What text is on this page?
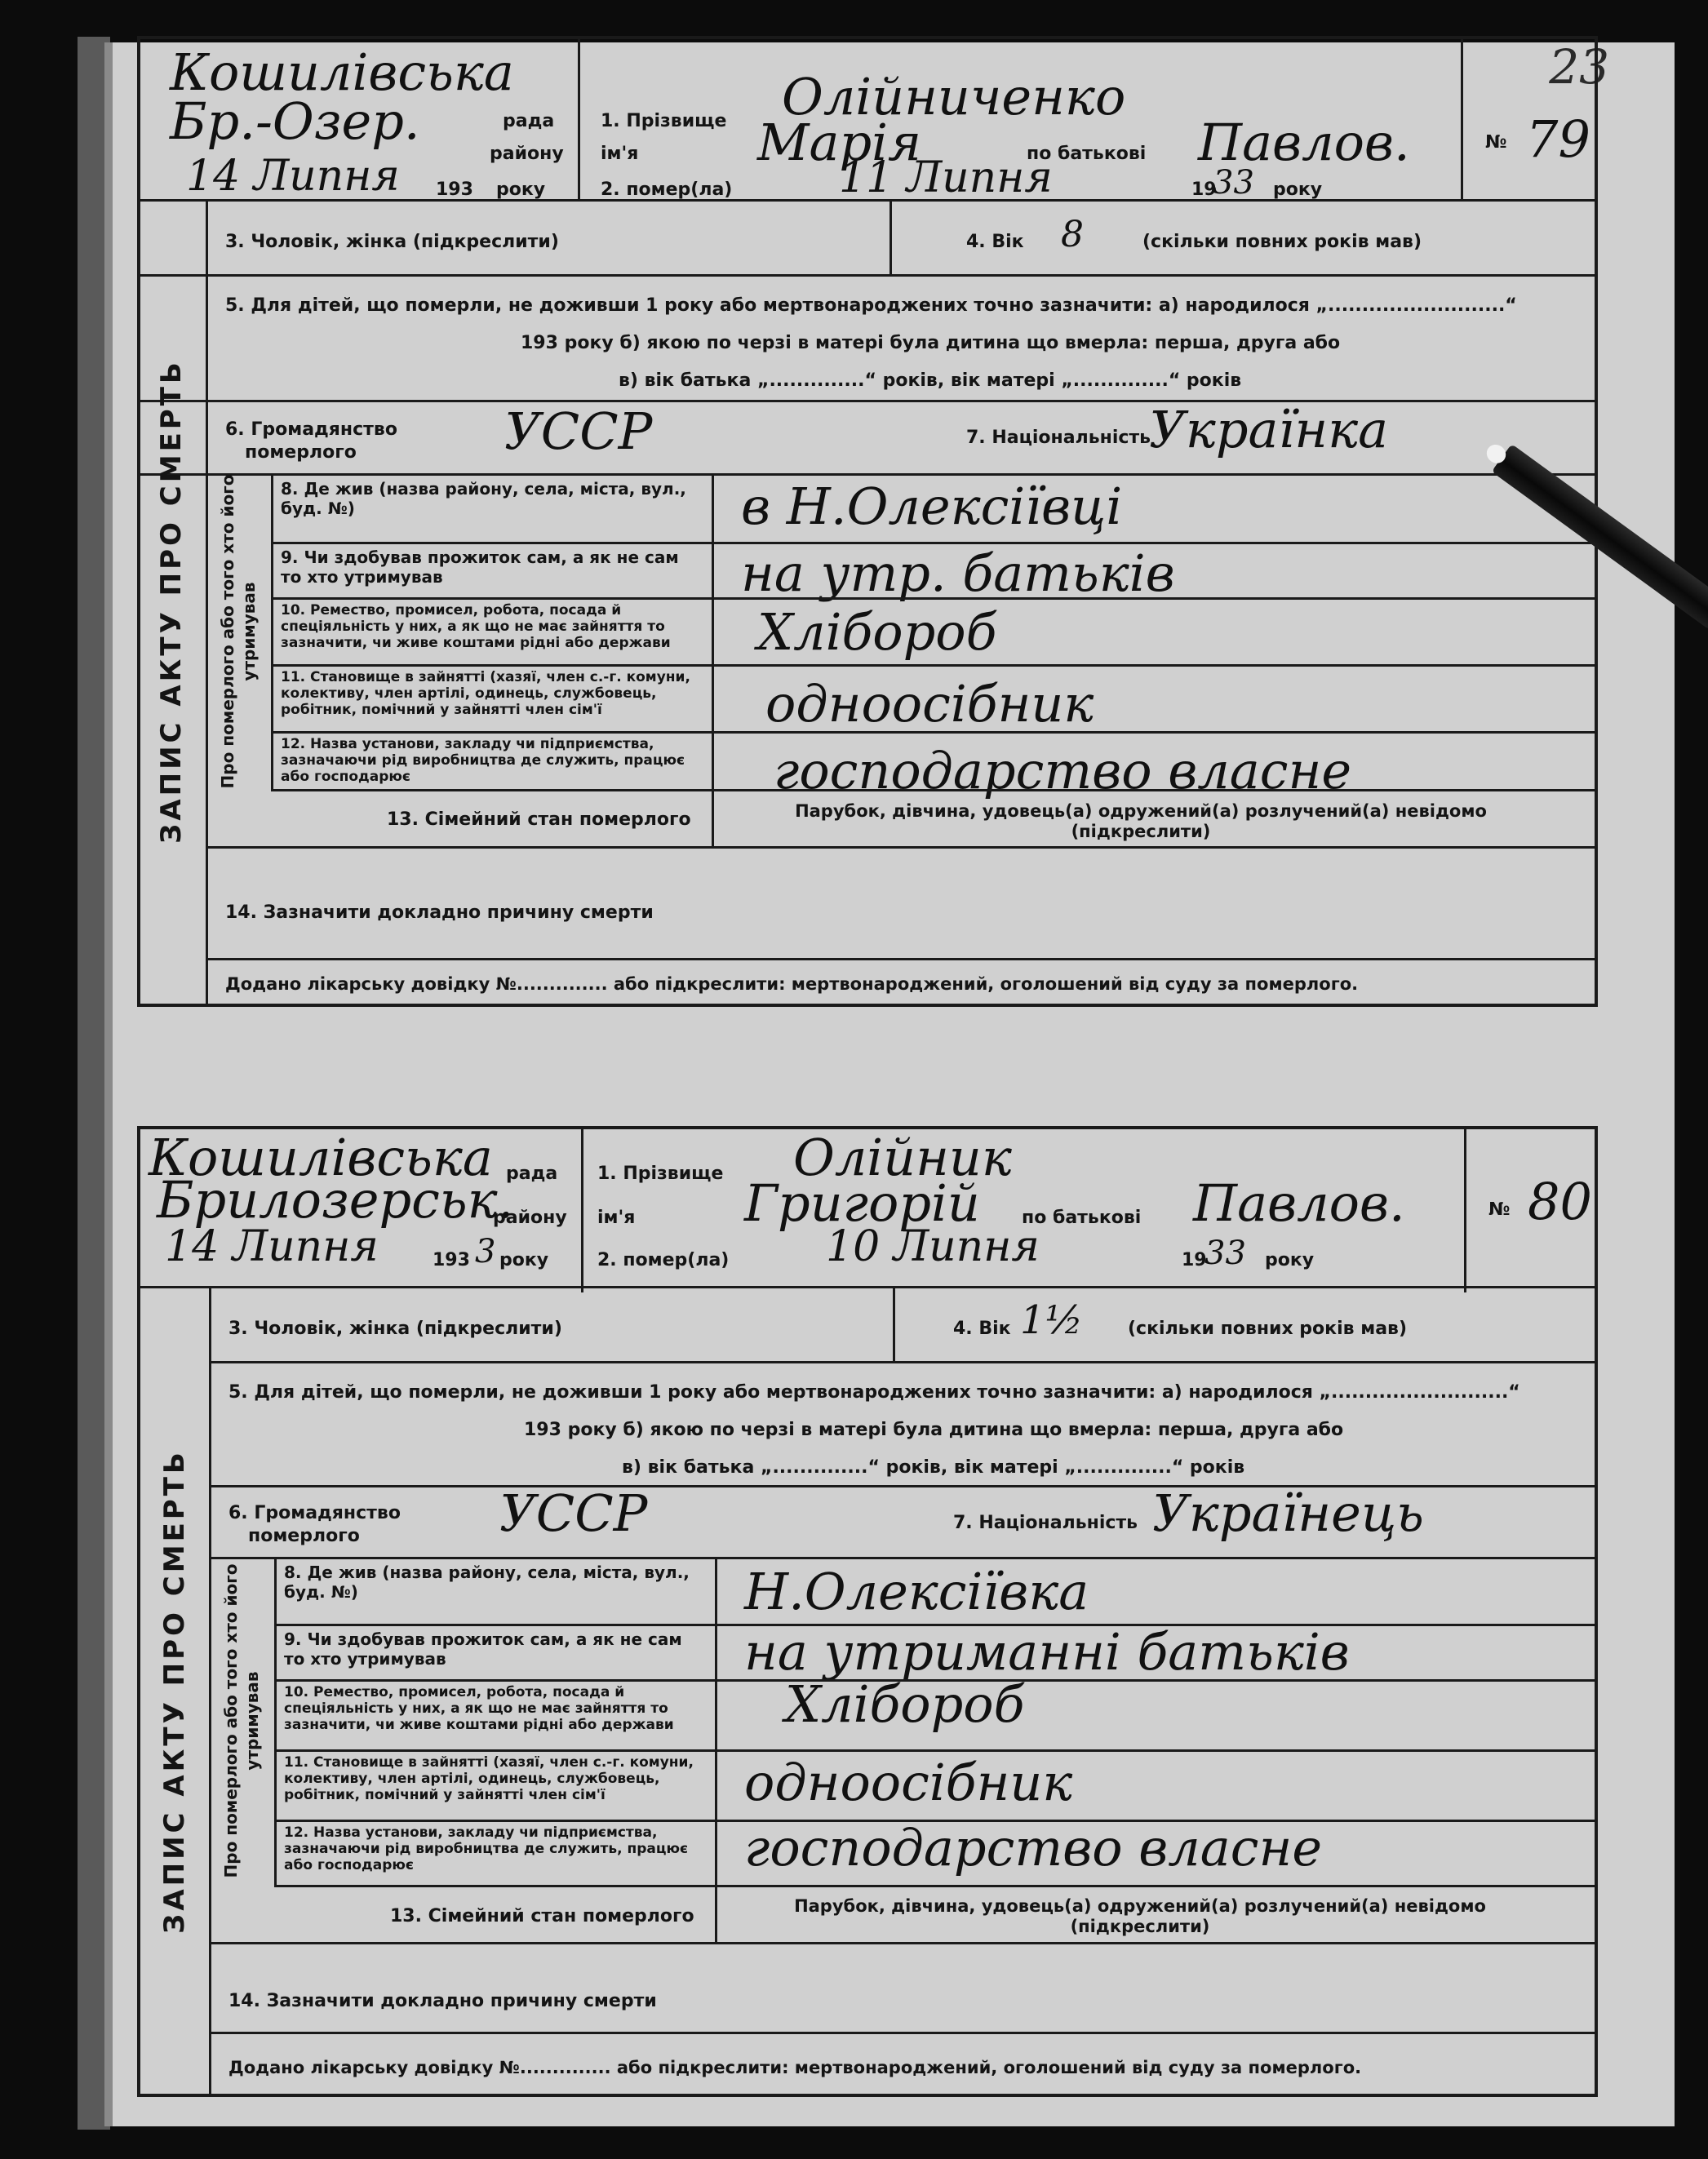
23
Кошилівська
рада
Бр.-Озер.
району
14 Липня 193 року
1. Прізвище Олійниченко
ім'я Марія	по батькові Павлов.
2. помер(ла)	11 Липня	19
33 року
№ 79
3. Чоловік, жінка (підкреслити)	4. Вік 8	(скільки повних років мав)
5. Для дітей, що померли, не доживши 1 року або мертвонароджених точно зазначити: а) народилося „..........................“
193 року б) якою по черзі в матері була дитина що вмерла: перша, друга або
в) вік батька „..............“ років, вік матері „..............“ років
6. Громадянство
померлого	УССР	7. Національність
Українка
Про померлого або того хто його утримував
8. Де жив (назва району, села, міста, вул., буд. №)	в Н.Олексіївці
9. Чи здобував прожиток сам, а як не сам то хто утримував	на утр. батьків
10. Ремество, промисел, робота, посада й спеціяльність у них, а як що не має зайняття то зазначити, чи живе коштами рідні або держави	Хлібороб
11. Становище в зайнятті (хазяї, член с.-г. комуни, колективу, член артілі, одинець, службовець, робітник, помічний у зайнятті член сім'ї	одноосібник
12. Назва установи, закладу чи підприємства, зазначаючи рід виробництва де служить, працює або господарює	господарство власне
ЗАПИС АКТУ ПРО СМЕРТЬ	13. Сімейний стан померлого	Парубок, дівчина, удовець(а) одружений(а) розлучений(а) невідомо (підкреслити)
14. Зазначити докладно причину смерти
Додано лікарську довідку №.............. або підкреслити: мертвонароджений, оголошений від суду за померлого.
Кошилівська рада
Брилозерськ.
району
14 Липня	193 3 року
1. Прізвище Олійник
ім'я Григорій по батькові Павлов.
2. помер(ла) 10 Липня	19
33 року
№ 80
ЗАПИС АКТУ ПРО СМЕРТЬ
3. Чоловік, жінка (підкреслити)	4. Вік 1½ (скільки повних років мав)
5. Для дітей, що померли, не доживши 1 року або мертвонароджених точно зазначити: а) народилося „..........................“
193 року б) якою по черзі в матері була дитина що вмерла: перша, друга або
в) вік батька „..............“ років, вік матері „..............“ років
6. Громадянство
померлого	УССР	7. Національність Українець
Про померлого або того хто його утримував
8. Де жив (назва району, села, міста, вул., буд. №)	Н.Олексіївка
9. Чи здобував прожиток сам, а як не сам то хто утримував	на утриманні батьків
10. Ремество, промисел, робота, посада й спеціяльність у них, а як що не має зайняття то зазначити, чи живе коштами рідні або держави	Хлібороб
11. Становище в зайнятті (хазяї, член с.-г. комуни, колективу, член артілі, одинець, службовець, робітник, помічний у зайнятті член сім'ї	одноосібник
12. Назва установи, закладу чи підприємства, зазначаючи рід виробництва де служить, працює або господарює	господарство власне
13. Сімейний стан померлого	Парубок, дівчина, удовець(а) одружений(а) розлучений(а) невідомо (підкреслити)
14. Зазначити докладно причину смерти
Додано лікарську довідку №.............. або підкреслити: мертвонароджений, оголошений від суду за померлого.
